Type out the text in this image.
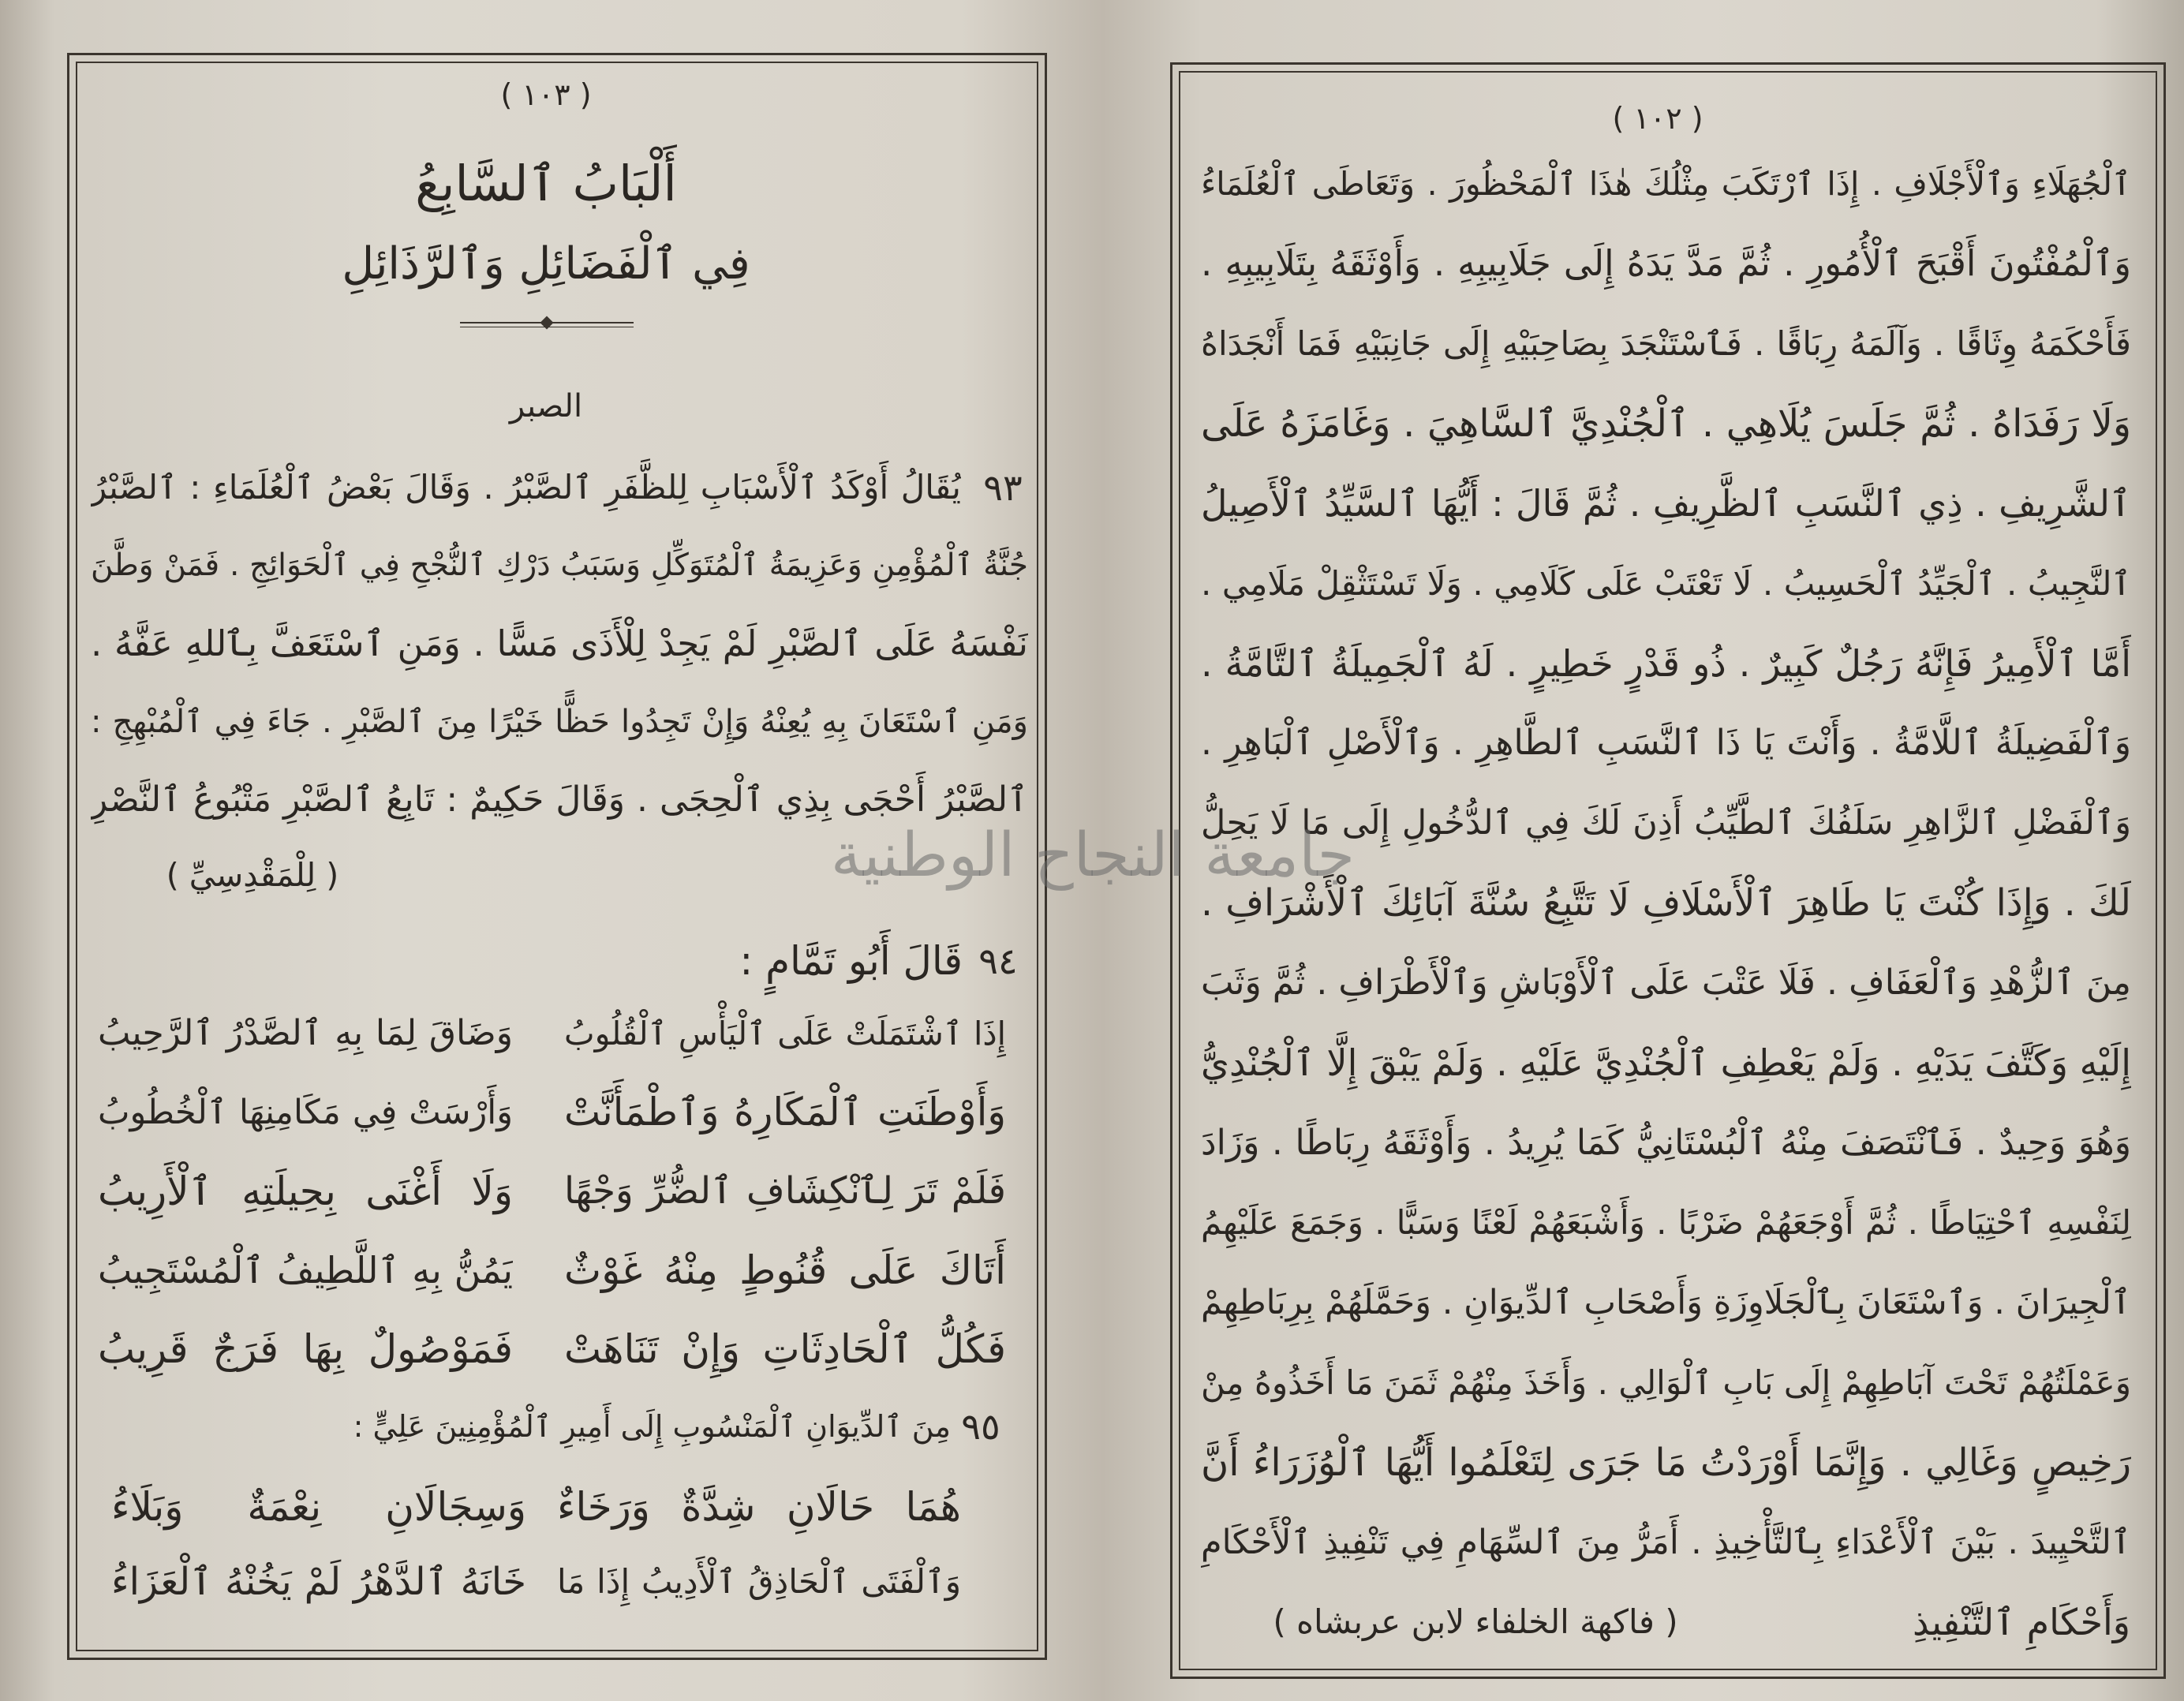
( ١٠٣ )
أَلْبَابُ ٱلسَّابِعُ
فِي ٱلْفَضَائِلِ وَٱلرَّذَائِلِ
الصبر
٩٣
يُقَالُ أَوْكَدُ ٱلْأَسْبَابِ لِلظَّفَرِ ٱلصَّبْرُ . وَقَالَ بَعْضُ ٱلْعُلَمَاءِ : ٱلصَّبْرُ
جُنَّةُ ٱلْمُؤْمِنِ وَعَزِيمَةُ ٱلْمُتَوَكِّلِ وَسَبَبُ دَرْكِ ٱلنُّجْحِ فِي ٱلْحَوَائِجِ . فَمَنْ وَطَّنَ
نَفْسَهُ عَلَى ٱلصَّبْرِ لَمْ يَجِدْ لِلْأَذَى مَسًّا . وَمَنِ ٱسْتَعَفَّ بِٱللهِ عَفَّهُ .
وَمَنِ ٱسْتَعَانَ بِهِ يُعِنْهُ وَإِنْ تَجِدُوا حَظًّا خَيْرًا مِنَ ٱلصَّبْرِ . جَاءَ فِي ٱلْمُبْهِجِ :
ٱلصَّبْرُ أَحْجَى بِذِي ٱلْحِجَى . وَقَالَ حَكِيمٌ : تَابِعُ ٱلصَّبْرِ مَتْبُوعُ ٱلنَّصْرِ
( لِلْمَقْدِسِيِّ )
٩٤
قَالَ أَبُو تَمَّامٍ :
إِذَا ٱشْتَمَلَتْ عَلَى ٱلْيَأْسِ ٱلْقُلُوبُ
وَضَاقَ لِمَا بِهِ ٱلصَّدْرُ ٱلرَّحِيبُ
وَأَوْطَنَتِ ٱلْمَكَارِهُ وَٱطْمَأَنَّتْ
وَأَرْسَتْ فِي مَكَامِنِهَا ٱلْخُطُوبُ
فَلَمْ تَرَ لِٱنْكِشَافِ ٱلضُّرِّ وَجْهًا
وَلَا أَغْنَى بِحِيلَتِهِ ٱلْأَرِيبُ
أَتَاكَ عَلَى قُنُوطٍ مِنْهُ غَوْثٌ
يَمُنُّ بِهِ ٱللَّطِيفُ ٱلْمُسْتَجِيبُ
فَكُلُّ ٱلْحَادِثَاتِ وَإِنْ تَنَاهَتْ
فَمَوْصُولٌ بِهَا فَرَجٌ قَرِيبُ
٩٥
مِنَ ٱلدِّيوَانِ ٱلْمَنْسُوبِ إِلَى أَمِيرِ ٱلْمُؤْمِنِينَ عَلِيٍّ :
هُمَا حَالَانِ شِدَّةٌ وَرَخَاءٌ
وَسِجَالَانِ نِعْمَةٌ وَبَلَاءُ
وَٱلْفَتَى ٱلْحَاذِقُ ٱلْأَدِيبُ إِذَا مَا
خَانَهُ ٱلدَّهْرُ لَمْ يَخُنْهُ ٱلْعَزَاءُ
( ١٠٢ )
ٱلْجُهَلَاءِ وَٱلْأَجْلَافِ . إِذَا ٱرْتَكَبَ مِثْلُكَ هٰذَا ٱلْمَحْظُورَ . وَتَعَاطَى ٱلْعُلَمَاءُ
وَٱلْمُفْتُونَ أَقْبَحَ ٱلْأُمُورِ . ثُمَّ مَدَّ يَدَهُ إِلَى جَلَابِيبِهِ . وَأَوْثَقَهُ بِتَلَابِيبِهِ .
فَأَحْكَمَهُ وِثَاقًا . وَآلَمَهُ رِبَاقًا . فَٱسْتَنْجَدَ بِصَاحِبَيْهِ إِلَى جَانِبَيْهِ فَمَا أَنْجَدَاهُ
وَلَا رَفَدَاهُ . ثُمَّ جَلَسَ يُلَاهِي . ٱلْجُنْدِيَّ ٱلسَّاهِيَ . وَغَامَزَهُ عَلَى
ٱلشَّرِيفِ . ذِي ٱلنَّسَبِ ٱلظَّرِيفِ . ثُمَّ قَالَ : أَيُّهَا ٱلسَّيِّدُ ٱلْأَصِيلُ
ٱلنَّجِيبُ . ٱلْجَيِّدُ ٱلْحَسِيبُ . لَا تَعْتَبْ عَلَى كَلَامِي . وَلَا تَسْتَثْقِلْ مَلَامِي .
أَمَّا ٱلْأَمِيرُ فَإِنَّهُ رَجُلٌ كَبِيرٌ . ذُو قَدْرٍ خَطِيرٍ . لَهُ ٱلْجَمِيلَةُ ٱلتَّامَّةُ .
وَٱلْفَضِيلَةُ ٱللَّامَّةُ . وَأَنْتَ يَا ذَا ٱلنَّسَبِ ٱلطَّاهِرِ . وَٱلْأَصْلِ ٱلْبَاهِرِ .
وَٱلْفَضْلِ ٱلزَّاهِرِ سَلَفُكَ ٱلطَّيِّبُ أَذِنَ لَكَ فِي ٱلدُّخُولِ إِلَى مَا لَا يَحِلُّ
لَكَ . وَإِذَا كُنْتَ يَا طَاهِرَ ٱلْأَسْلَافِ لَا تَتَّبِعُ سُنَّةَ آبَائِكَ ٱلْأَشْرَافِ .
مِنَ ٱلزُّهْدِ وَٱلْعَفَافِ . فَلَا عَتْبَ عَلَى ٱلْأَوْبَاشِ وَٱلْأَطْرَافِ . ثُمَّ وَثَبَ
إِلَيْهِ وَكَتَّفَ يَدَيْهِ . وَلَمْ يَعْطِفِ ٱلْجُنْدِيَّ عَلَيْهِ . وَلَمْ يَبْقَ إِلَّا ٱلْجُنْدِيُّ
وَهُوَ وَحِيدٌ . فَٱنْتَصَفَ مِنْهُ ٱلْبُسْتَانِيُّ كَمَا يُرِيدُ . وَأَوْثَقَهُ رِبَاطًا . وَزَادَ
لِنَفْسِهِ ٱحْتِيَاطًا . ثُمَّ أَوْجَعَهُمْ ضَرْبًا . وَأَشْبَعَهُمْ لَعْنًا وَسَبًّا . وَجَمَعَ عَلَيْهِمُ
ٱلْجِيرَانَ . وَٱسْتَعَانَ بِٱلْجَلَاوِزَةِ وَأَصْحَابِ ٱلدِّيوَانِ . وَحَمَّلَهُمْ بِرِبَاطِهِمْ
وَعَمْلَتُهُمْ تَحْتَ آبَاطِهِمْ إِلَى بَابِ ٱلْوَالِي . وَأَخَذَ مِنْهُمْ ثَمَنَ مَا أَخَذُوهُ مِنْ
رَخِيصٍ وَغَالِي . وَإِنَّمَا أَوْرَدْتُ مَا جَرَى لِتَعْلَمُوا أَيُّهَا ٱلْوُزَرَاءُ أَنَّ
ٱلتَّحْيِيدَ . بَيْنَ ٱلْأَعْدَاءِ بِٱلتَّأْخِيذِ . أَمَرُّ مِنَ ٱلسِّهَامِ فِي تَنْفِيذِ ٱلْأَحْكَامِ
وَأَحْكَامِ ٱلتَّنْفِيذِ
( فاكهة الخلفاء لابن عربشاه )
جامعة النجاح الوطنية
